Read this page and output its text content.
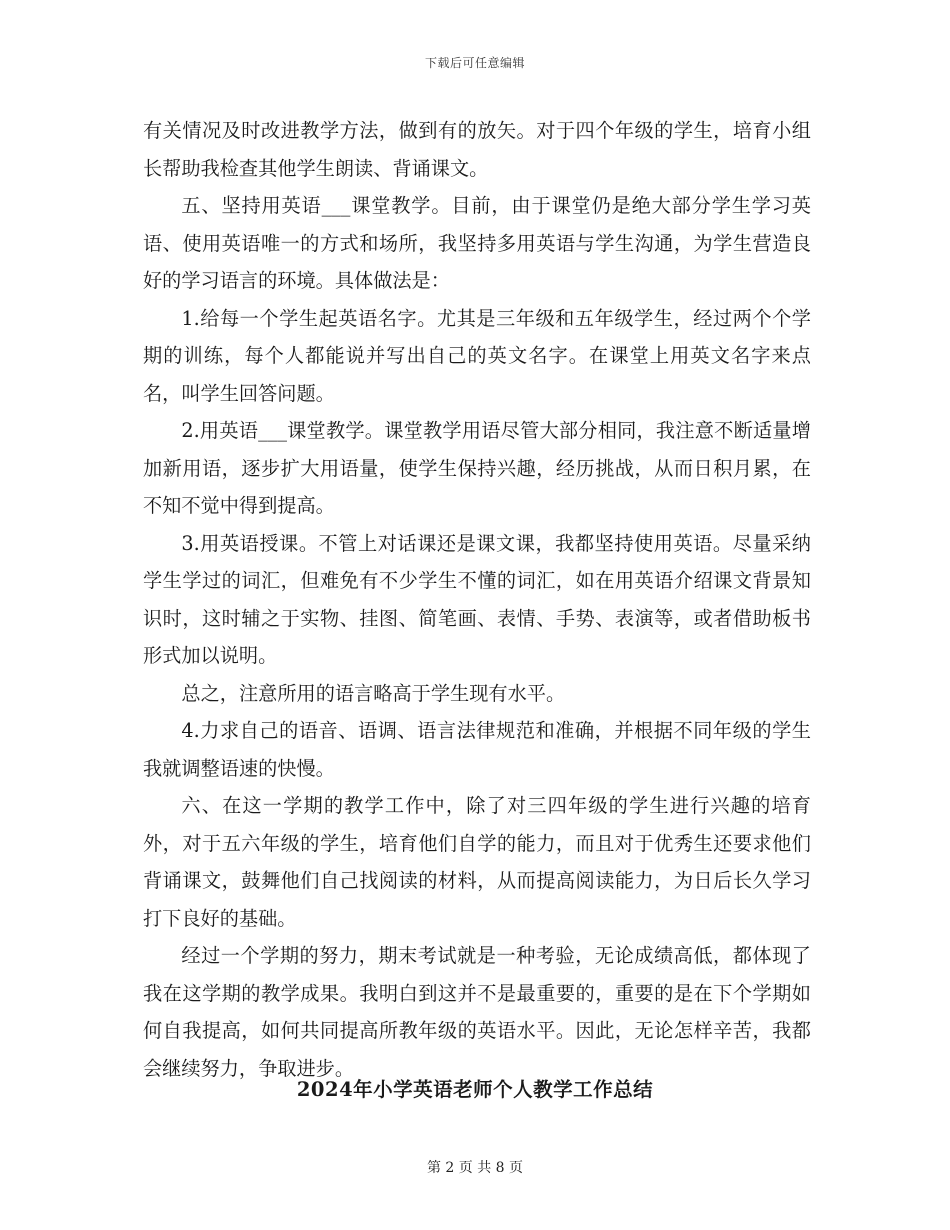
下载后可任意编辑

有关情况及时改进教学方法，做到有的放矢。对于四个年级的学生，培育小组长帮助我检查其他学生朗读、背诵课文。

五、坚持用英语___课堂教学。目前，由于课堂仍是绝大部分学生学习英语、使用英语唯一的方式和场所，我坚持多用英语与学生沟通，为学生营造良好的学习语言的环境。具体做法是：

1.给每一个学生起英语名字。尤其是三年级和五年级学生，经过两个个学期的训练，每个人都能说并写出自己的英文名字。在课堂上用英文名字来点名，叫学生回答问题。

2.用英语___课堂教学。课堂教学用语尽管大部分相同，我注意不断适量增加新用语，逐步扩大用语量，使学生保持兴趣，经历挑战，从而日积月累，在不知不觉中得到提高。

3.用英语授课。不管上对话课还是课文课，我都坚持使用英语。尽量采纳学生学过的词汇，但难免有不少学生不懂的词汇，如在用英语介绍课文背景知识时，这时辅之于实物、挂图、简笔画、表情、手势、表演等，或者借助板书形式加以说明。

总之，注意所用的语言略高于学生现有水平。

4.力求自己的语音、语调、语言法律规范和准确，并根据不同年级的学生我就调整语速的快慢。

六、在这一学期的教学工作中，除了对三四年级的学生进行兴趣的培育外，对于五六年级的学生，培育他们自学的能力，而且对于优秀生还要求他们背诵课文，鼓舞他们自己找阅读的材料，从而提高阅读能力，为日后长久学习打下良好的基础。

经过一个学期的努力，期末考试就是一种考验，无论成绩高低，都体现了我在这学期的教学成果。我明白到这并不是最重要的，重要的是在下个学期如何自我提高，如何共同提高所教年级的英语水平。因此，无论怎样辛苦，我都会继续努力，争取进步。

2024年小学英语老师个人教学工作总结
第 2 页 共 8 页
